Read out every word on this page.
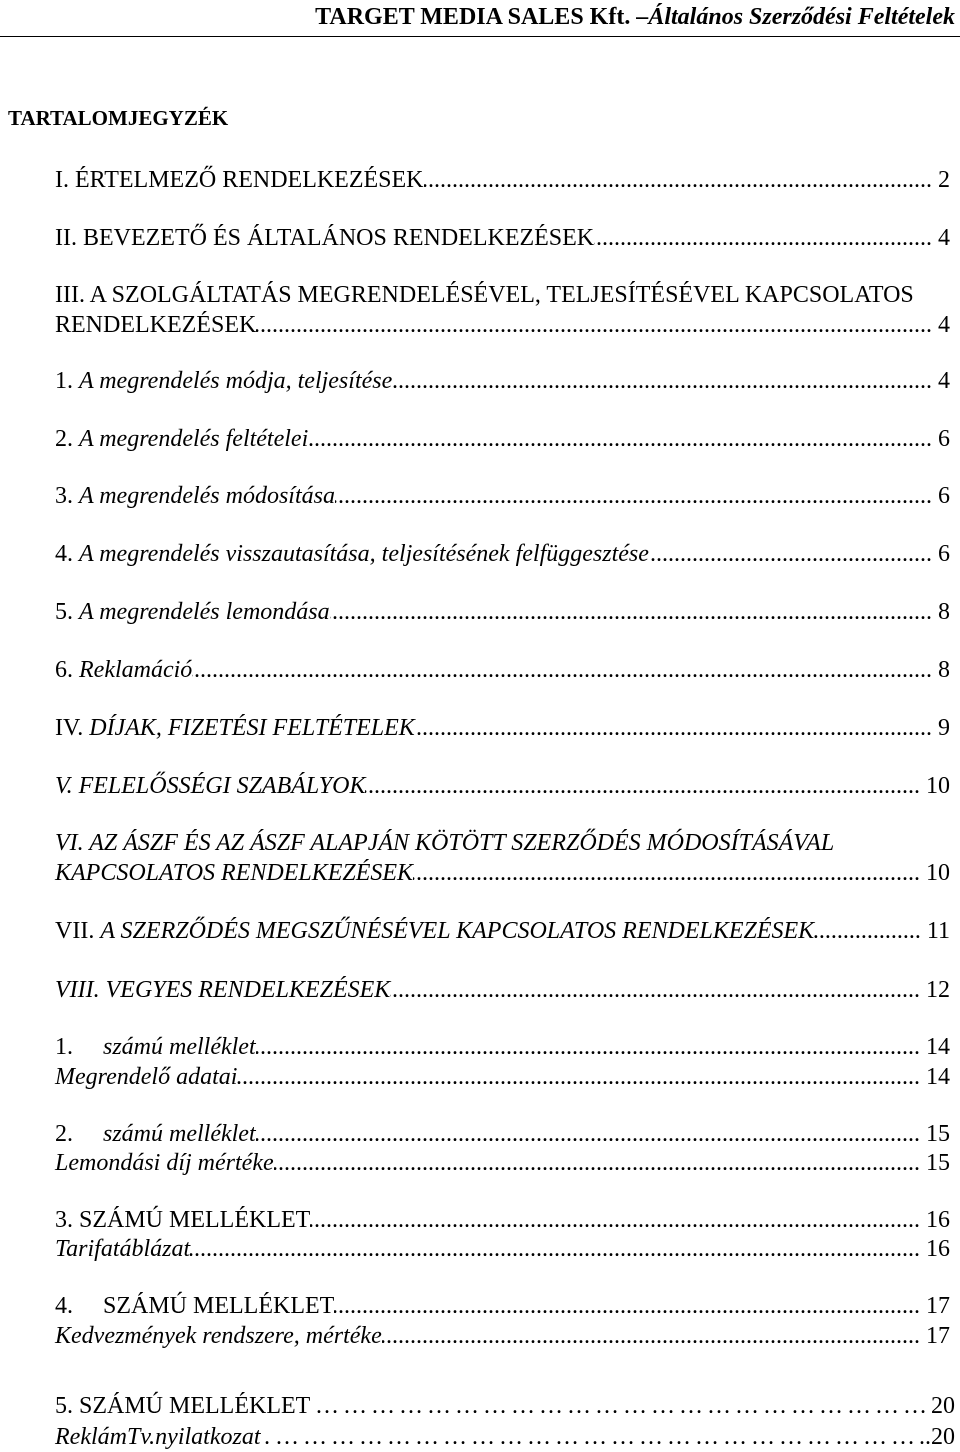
TARGET MEDIA SALES Kft. –Általános Szerződési Feltételek
TARTALOMJEGYZÉK
I. ÉRTELMEZŐ RENDELKEZÉSEK .....	2
II. BEVEZETŐ ÉS ÁLTALÁNOS RENDELKEZÉSEK .....	4
III. A SZOLGÁLTATÁS MEGRENDELÉSÉVEL, TELJESÍTÉSÉVEL KAPCSOLATOS
RENDELKEZÉSEK .....	4
1. A megrendelés módja, teljesítése .....	4
2. A megrendelés feltételei .....	6
3. A megrendelés módosítása .....	6
4. A megrendelés visszautasítása, teljesítésének felfüggesztése .....	6
5. A megrendelés lemondása .....	8
6. Reklamáció .....	8
IV. DÍJAK, FIZETÉSI FELTÉTELEK .....	9
V. FELELŐSSÉGI SZABÁLYOK .....	10
VI. AZ ÁSZF ÉS AZ ÁSZF ALAPJÁN KÖTÖTT SZERZŐDÉS MÓDOSÍTÁSÁVAL
KAPCSOLATOS RENDELKEZÉSEK .....	10
VII. A SZERZŐDÉS MEGSZŰNÉSÉVEL KAPCSOLATOS RENDELKEZÉSEK .....	11
VIII. VEGYES RENDELKEZÉSEK .....	12
1. számú melléklet .....	14
Megrendelő adatai .....	14
2. számú melléklet .....	15
Lemondási díj mértéke .....	15
3. SZÁMÚ MELLÉKLET .....	16
Tarifatáblázat .....	16
4. SZÁMÚ MELLÉKLET .....	17
Kedvezmények rendszere, mértéke .....	17
5. SZÁMÚ MELLÉKLET ………………………………………………………………………………………………………	20
ReklámTv.nyilatkozat ………………………………………………………………………………………………………	.. 20
